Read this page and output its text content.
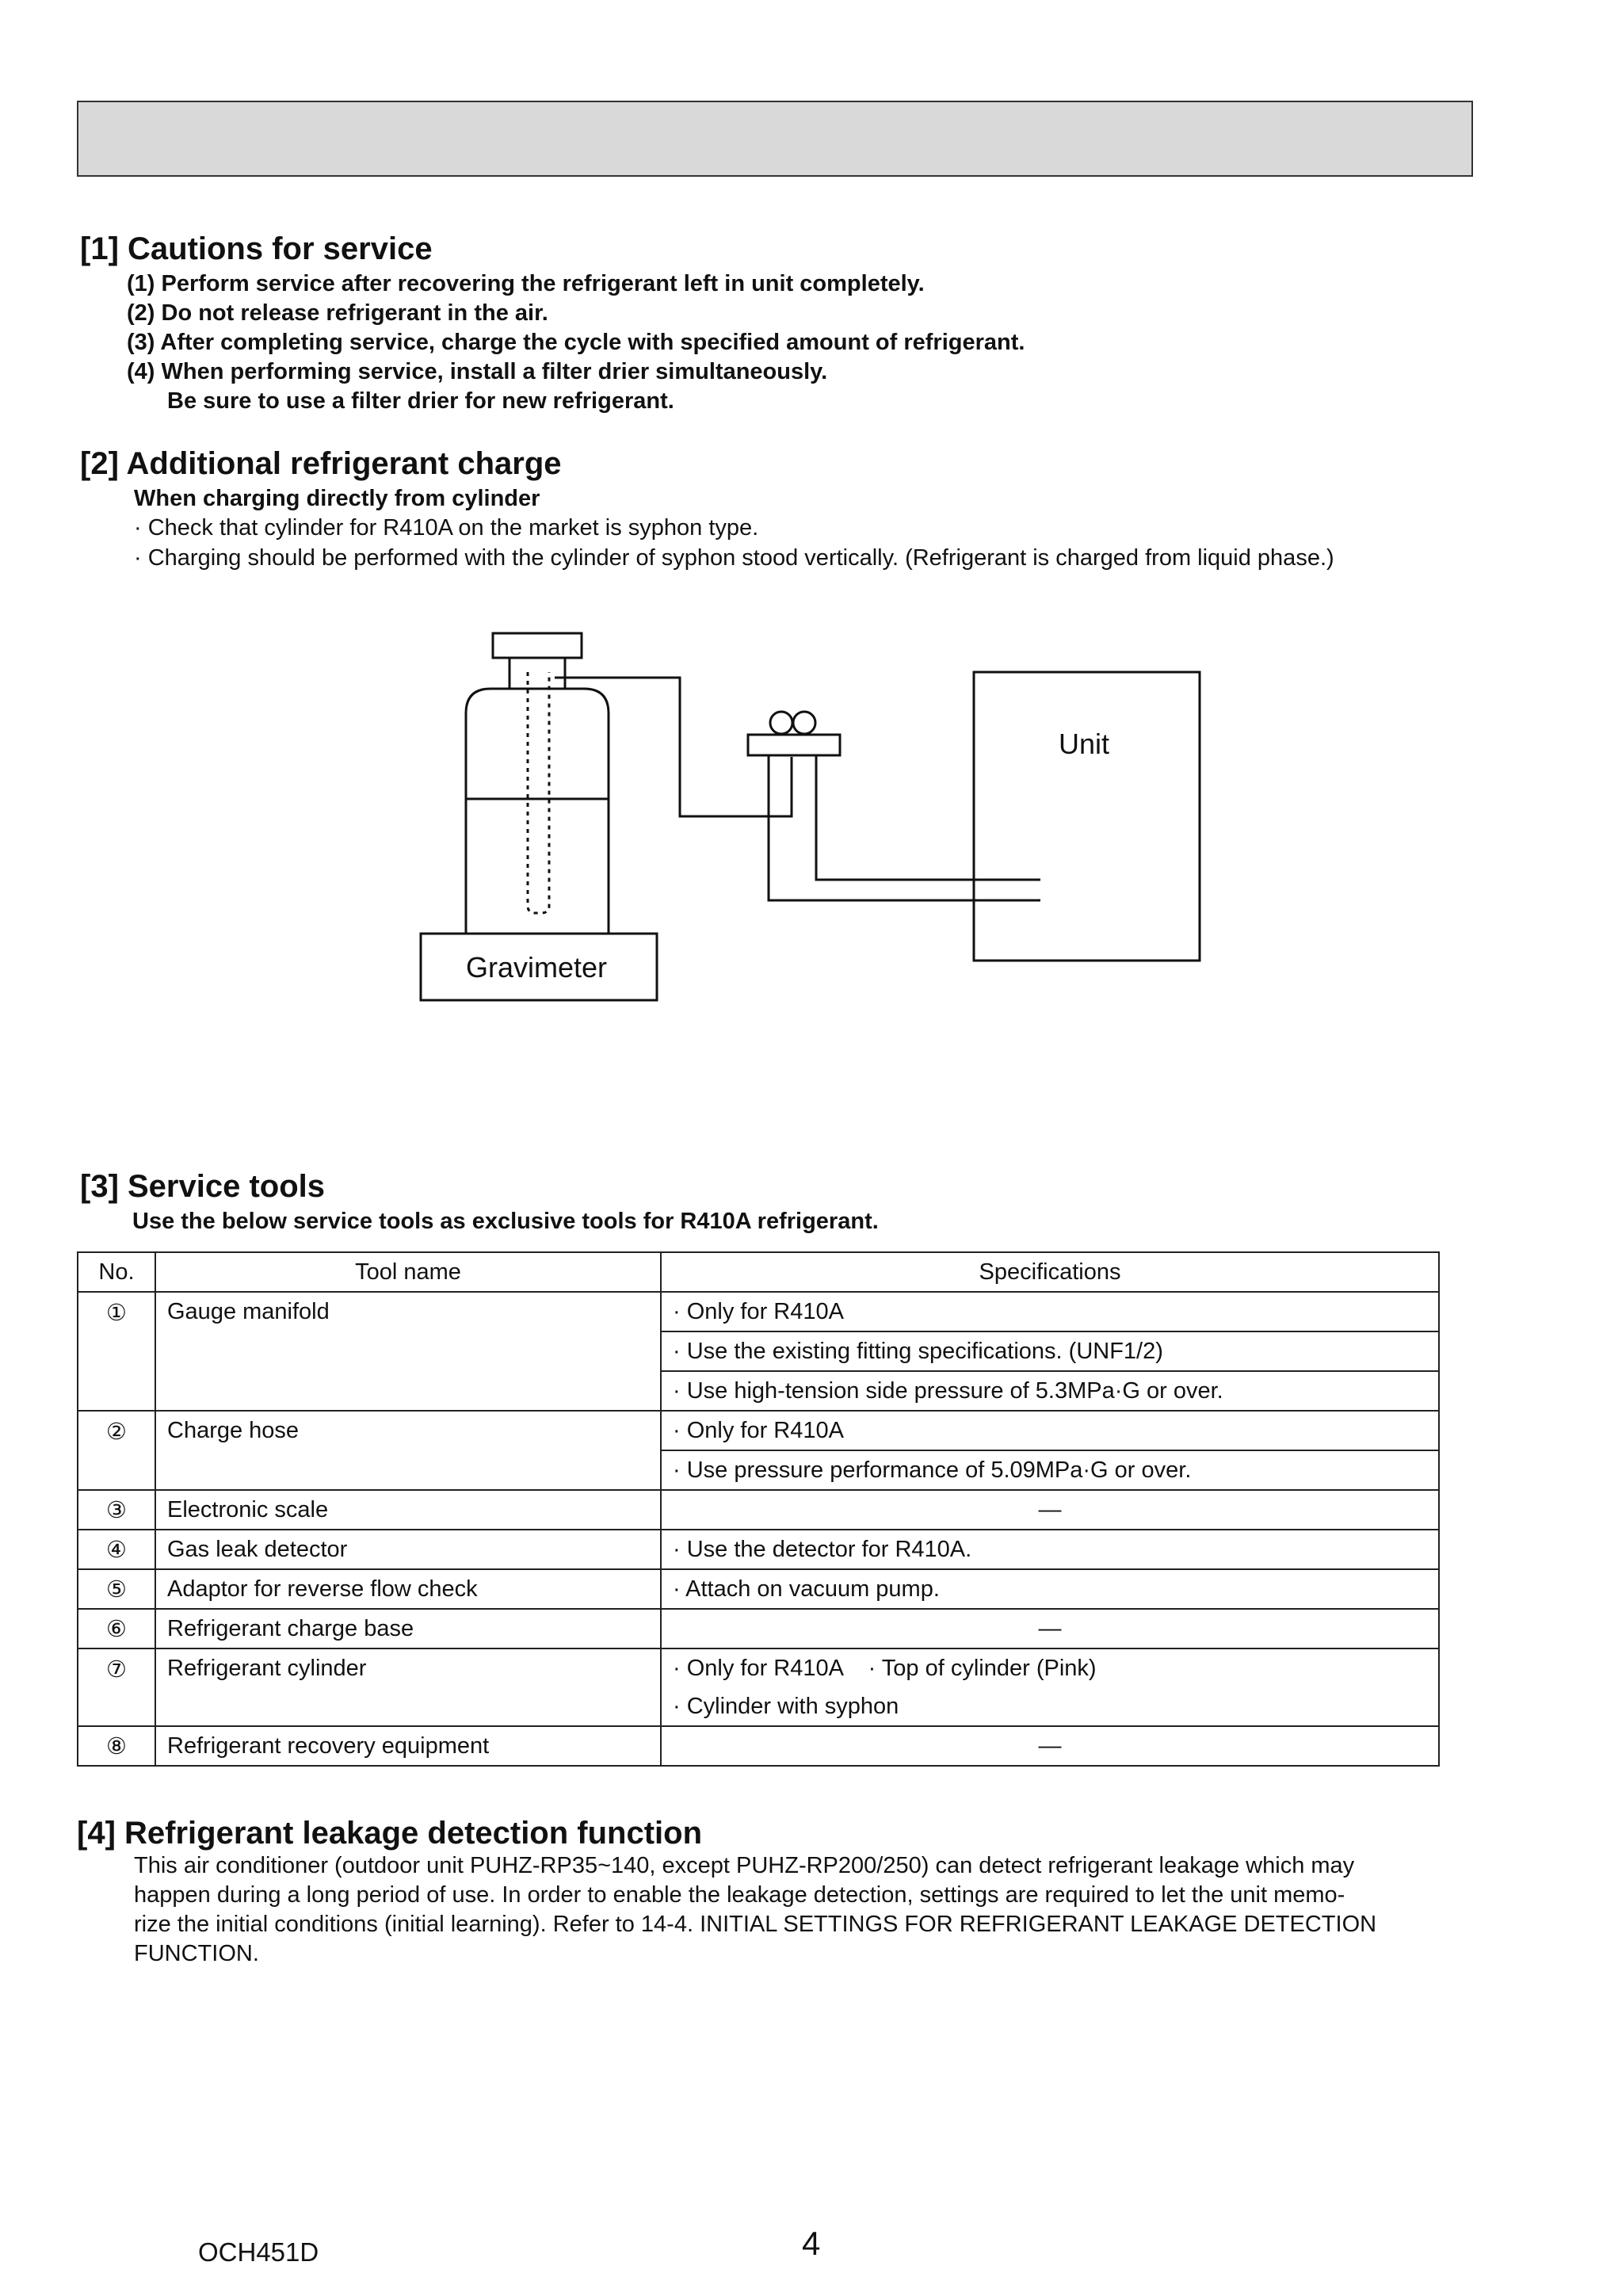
[1] Cautions for service

(1) Perform service after recovering the refrigerant left in unit completely.

(2) Do not release refrigerant in the air.

(3) After completing service, charge the cycle with specified amount of refrigerant.

(4) When performing service, install a filter drier simultaneously.

Be sure to use a filter drier for new refrigerant.

[2] Additional refrigerant charge

When charging directly from cylinder

· Check that cylinder for R410A on the market is syphon type.

· Charging should be performed with the cylinder of syphon stood vertically. (Refrigerant is charged from liquid phase.)

Unit
Gravimeter
[3] Service tools

Use the below service tools as exclusive tools for R410A refrigerant.

No.	Tool name	Specifications
①	Gauge manifold	· Only for R410A
		· Use the existing fitting specifications. (UNF1/2)
		· Use high-tension side pressure of 5.3MPa·G or over.
②	Charge hose	· Only for R410A
		· Use pressure performance of 5.09MPa·G or over.
③	Electronic scale	—
④	Gas leak detector	· Use the detector for R410A.
⑤	Adaptor for reverse flow check	· Attach on vacuum pump.
⑥	Refrigerant charge base	—
⑦	Refrigerant cylinder	· Only for R410A    · Top of cylinder (Pink)
		· Cylinder with syphon
⑧	Refrigerant recovery equipment	—
[4] Refrigerant leakage detection function
This air conditioner (outdoor unit PUHZ-RP35~140, except PUHZ-RP200/250) can detect refrigerant leakage which may
happen during a long period of use. In order to enable the leakage detection, settings are required to let the unit memo-
rize the initial conditions (initial learning). Refer to 14-4. INITIAL SETTINGS FOR REFRIGERANT LEAKAGE DETECTION
FUNCTION.
OCH451D	4
